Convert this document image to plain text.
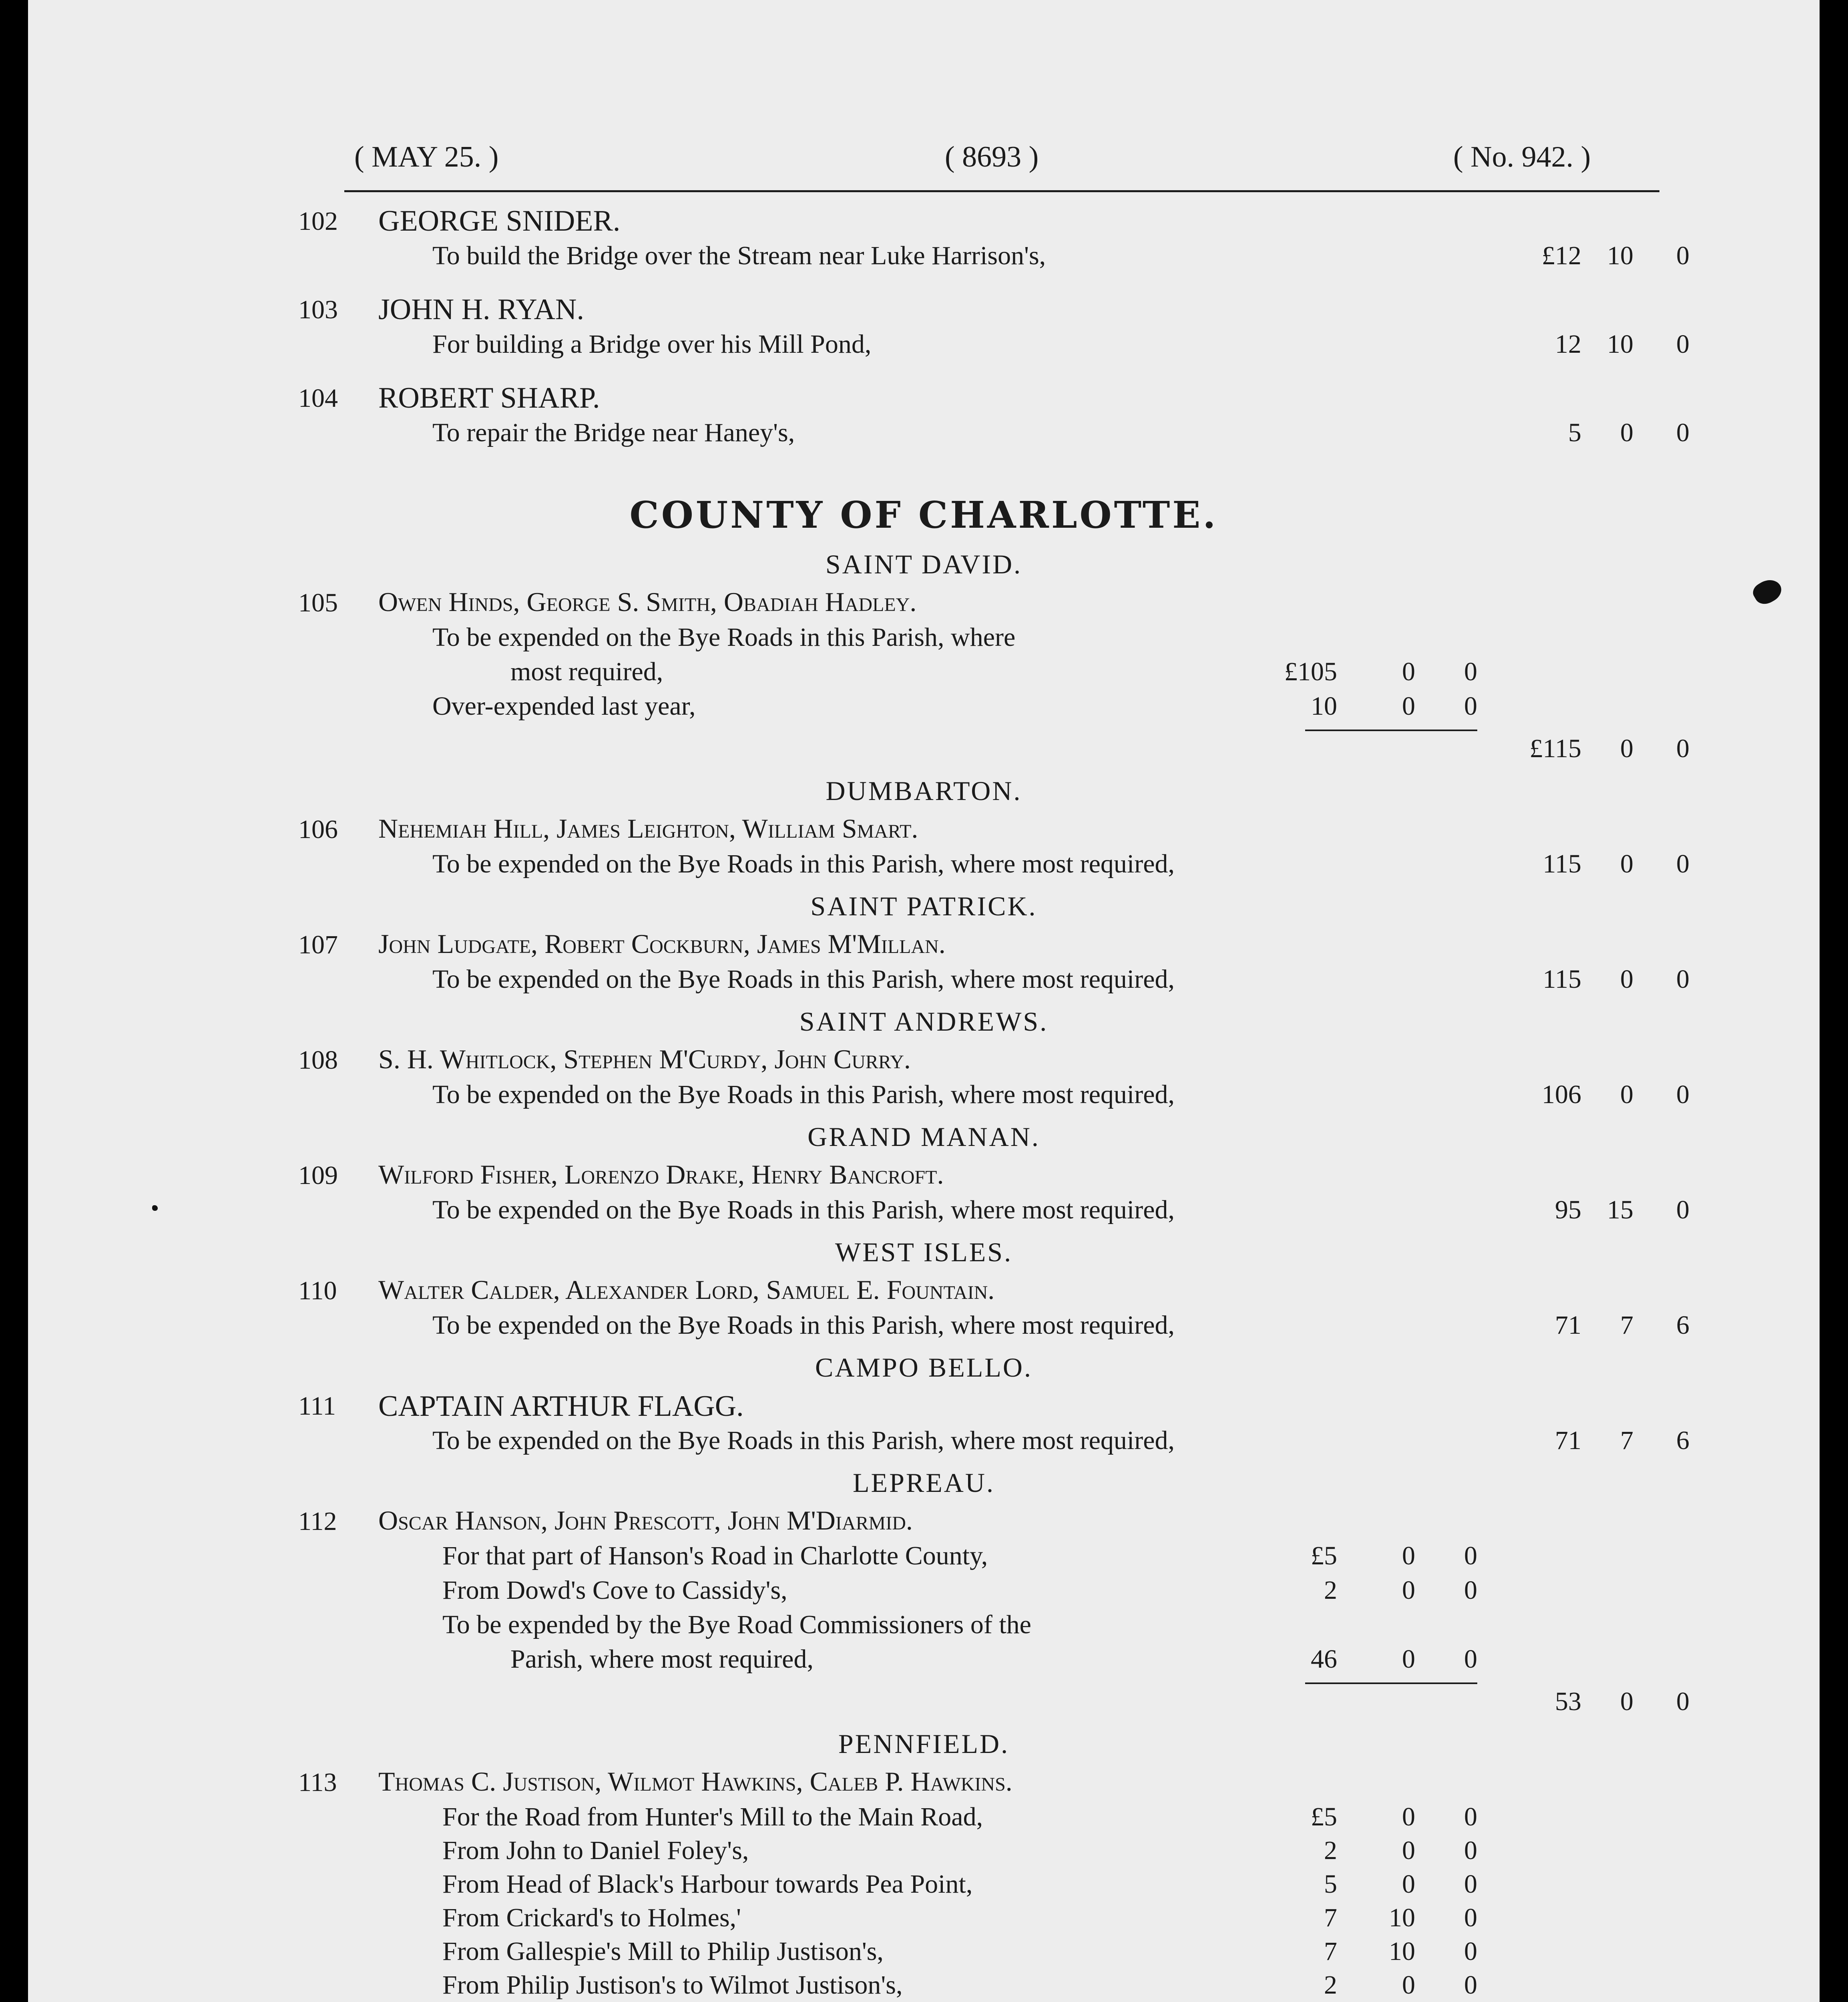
( MAY 25. )	( 8693 )	( No. 942. )
102 GEORGE SNIDER.
To build the Bridge over the Stream near Luke Harrison's,	£12 10	0
103 JOHN H. RYAN.
For building a Bridge over his Mill Pond,	12 10	0
104 ROBERT SHARP.
To repair the Bridge near Haney's,	5	0	0
COUNTY OF CHARLOTTE.
SAINT DAVID.
105 Owen Hinds, George S. Smith, Obadiah Hadley.
To be expended on the Bye Roads in this Parish, where
most required,	£105	0	0
Over-expended last year,	10	0	0
£115	0	0
DUMBARTON.
106 Nehemiah Hill, James Leighton, William Smart.
To be expended on the Bye Roads in this Parish, where most required,	115	0	0
SAINT PATRICK.
107 John Ludgate, Robert Cockburn, James M'Millan.
To be expended on the Bye Roads in this Parish, where most required,	115	0	0
SAINT ANDREWS.
108 S. H. Whitlock, Stephen M'Curdy, John Curry.
To be expended on the Bye Roads in this Parish, where most required,	106	0	0
GRAND MANAN.
109 Wilford Fisher, Lorenzo Drake, Henry Bancroft.
To be expended on the Bye Roads in this Parish, where most required,	95 15	0
WEST ISLES.
110 Walter Calder, Alexander Lord, Samuel E. Fountain.
To be expended on the Bye Roads in this Parish, where most required,	71	7	6
CAMPO BELLO.
111 CAPTAIN ARTHUR FLAGG.
To be expended on the Bye Roads in this Parish, where most required,	71	7	6
LEPREAU.
112 Oscar Hanson, John Prescott, John M'Diarmid.
For that part of Hanson's Road in Charlotte County,	£5	0	0
From Dowd's Cove to Cassidy's,	2	0	0
To be expended by the Bye Road Commissioners of the
Parish, where most required,	46	0	0
53	0	0
PENNFIELD.
113 Thomas C. Justison, Wilmot Hawkins, Caleb P. Hawkins.
For the Road from Hunter's Mill to the Main Road,	£5	0	0
From John to Daniel Foley's,	2	0	0
From Head of Black's Harbour towards Pea Point,	5	0	0
From Crickard's to Holmes,'	7	10	0
From Gallespie's Mill to Philip Justison's,	7	10	0
From Philip Justison's to Wilmot Justison's,	2	0	0
